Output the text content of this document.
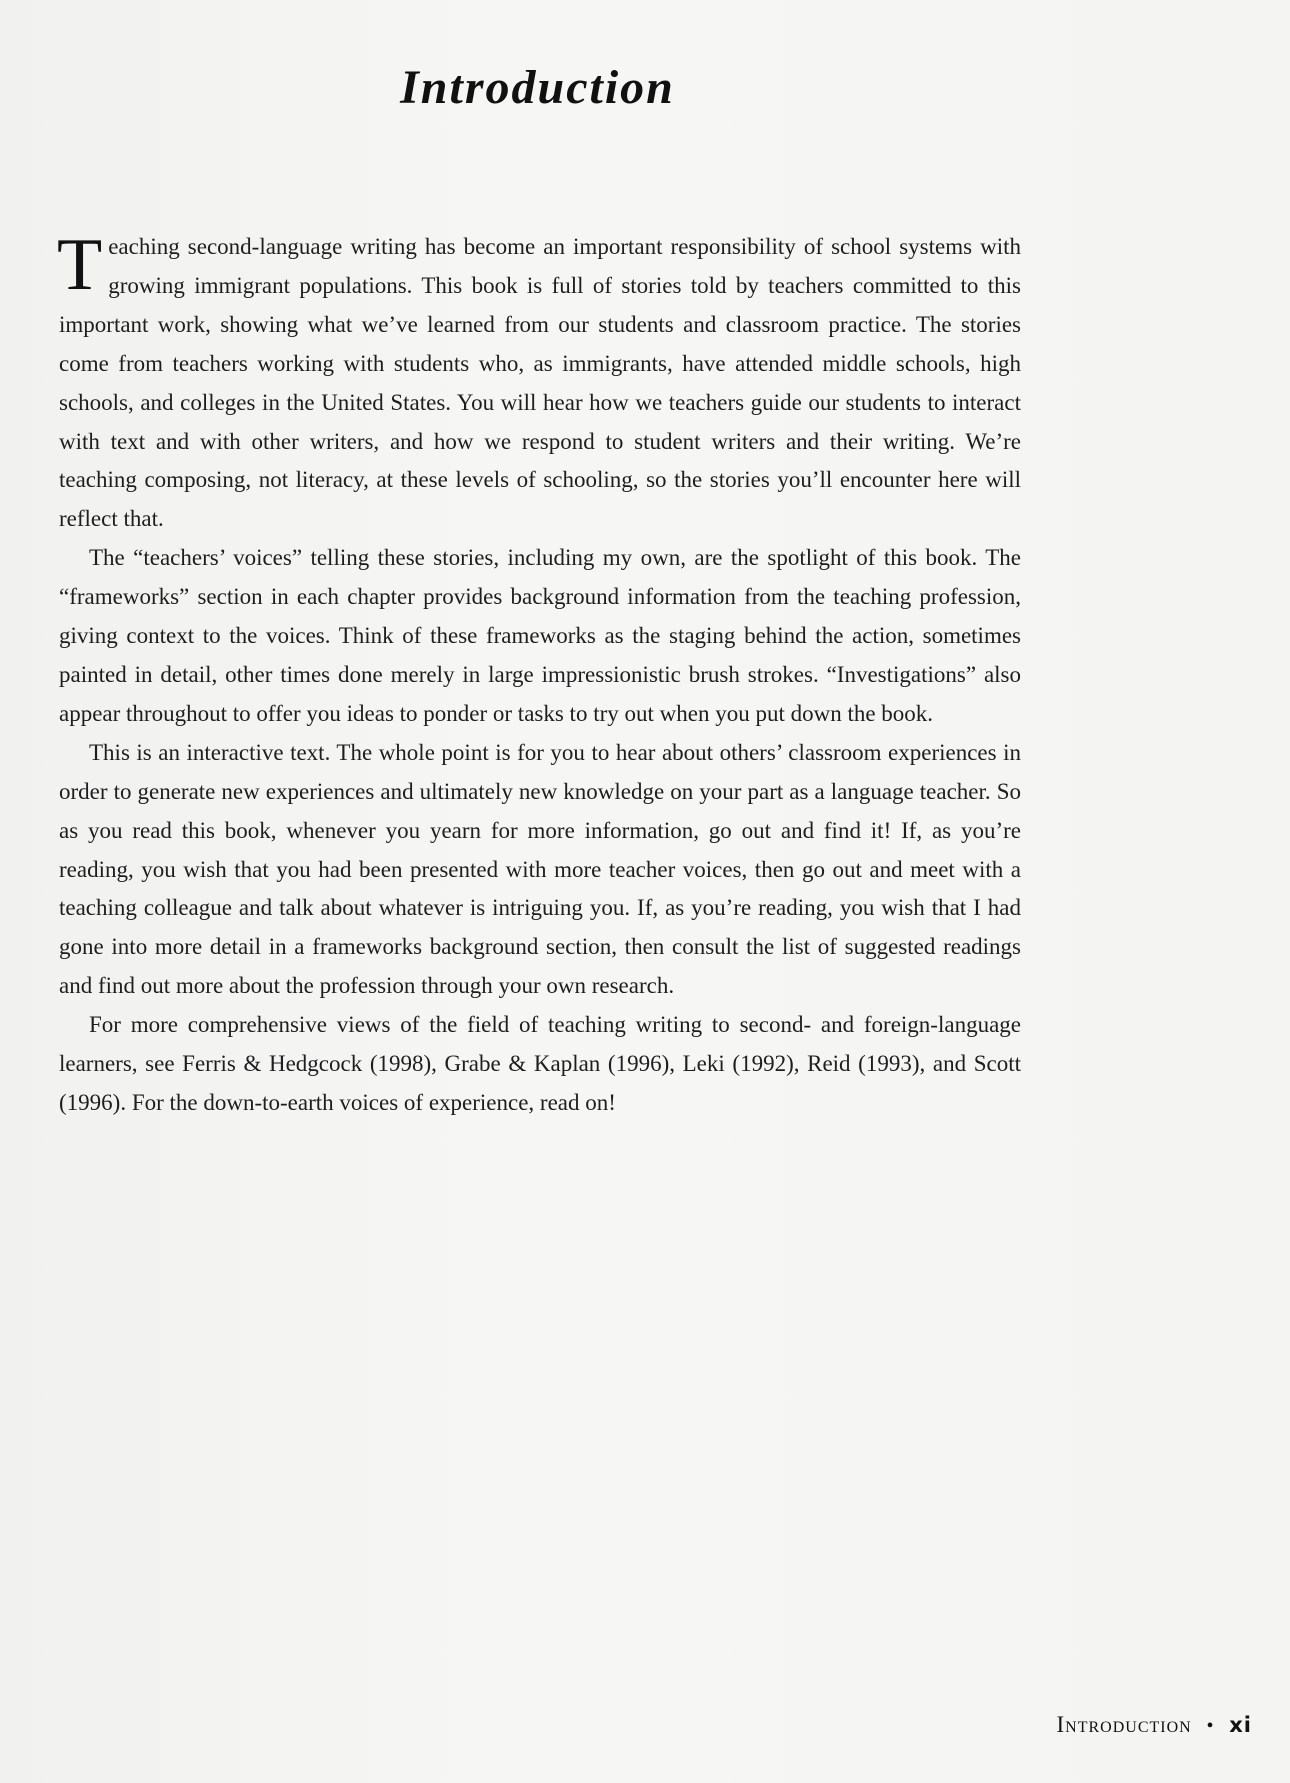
Introduction

Teaching second-language writing has become an important responsibility of school systems with growing immigrant populations. This book is full of stories told by teachers committed to this important work, showing what we’ve learned from our students and classroom practice. The stories come from teachers working with students who, as immigrants, have attended middle schools, high schools, and colleges in the United States. You will hear how we teachers guide our students to interact with text and with other writers, and how we respond to student writers and their writing. We’re teaching composing, not literacy, at these levels of schooling, so the stories you’ll encounter here will reflect that.

The “teachers’ voices” telling these stories, including my own, are the spotlight of this book. The “frameworks” section in each chapter provides background information from the teaching profession, giving context to the voices. Think of these frameworks as the staging behind the action, sometimes painted in detail, other times done merely in large impressionistic brush strokes. “Investigations” also appear throughout to offer you ideas to ponder or tasks to try out when you put down the book.

This is an interactive text. The whole point is for you to hear about others’ classroom experiences in order to generate new experiences and ultimately new knowledge on your part as a language teacher. So as you read this book, whenever you yearn for more information, go out and find it! If, as you’re reading, you wish that you had been presented with more teacher voices, then go out and meet with a teaching colleague and talk about whatever is intriguing you. If, as you’re reading, you wish that I had gone into more detail in a frameworks background section, then consult the list of suggested readings and find out more about the profession through your own research.

For more comprehensive views of the field of teaching writing to second- and foreign-language learners, see Ferris & Hedgcock (1998), Grabe & Kaplan (1996), Leki (1992), Reid (1993), and Scott (1996). For the down-to-earth voices of experience, read on!

Introduction • xi
